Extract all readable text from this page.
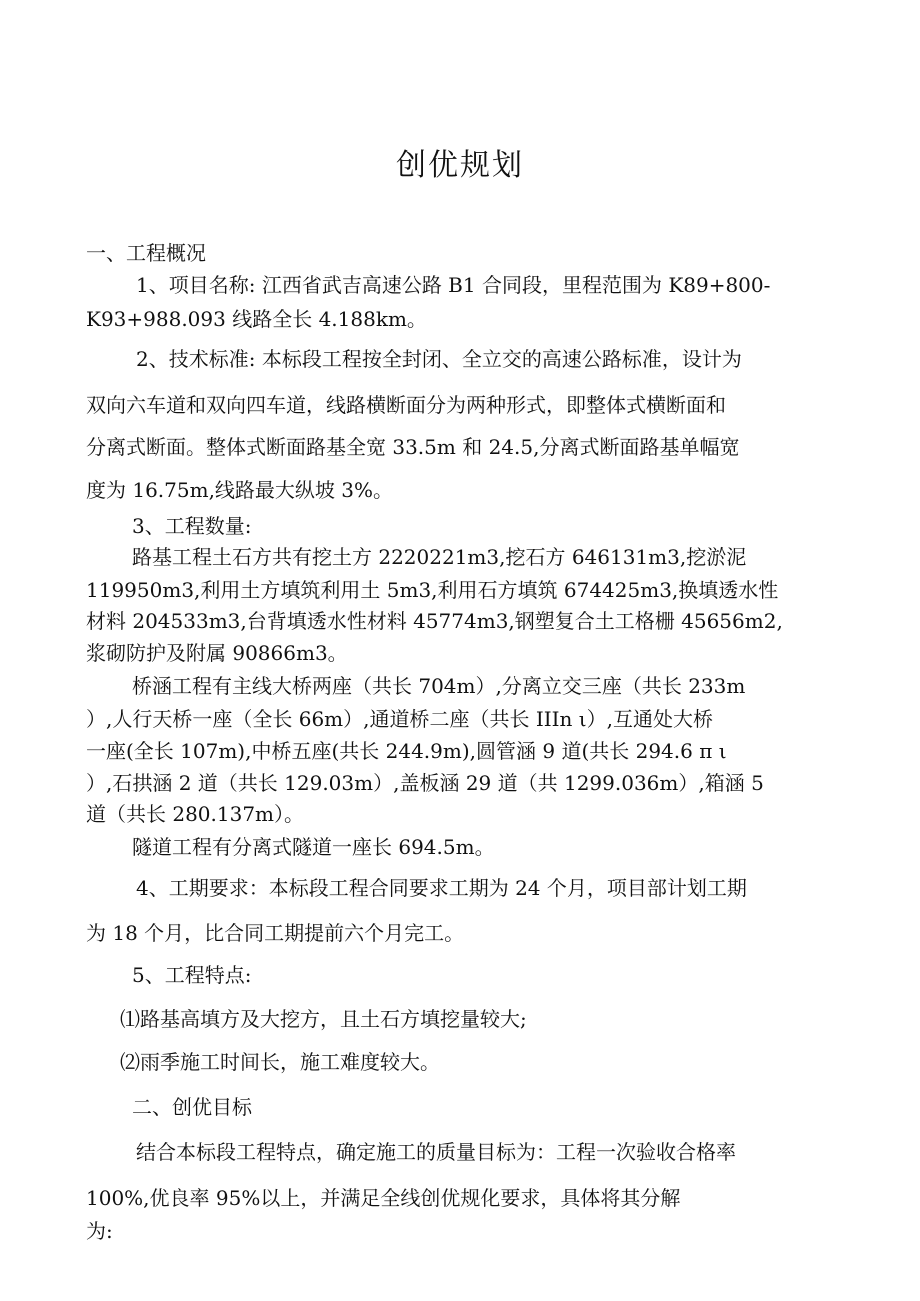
创优规划
一、工程概况
1、项目名称: 江西省武吉高速公路 B1 合同段，里程范围为 K89+800-
K93+988.093 线路全长 4.188km。
2、技术标准: 本标段工程按全封闭、全立交的高速公路标准，设计为
双向六车道和双向四车道，线路横断面分为两种形式，即整体式横断面和
分离式断面。整体式断面路基全宽 33.5m 和 24.5,分离式断面路基单幅宽
度为 16.75m,线路最大纵坡 3%。
3、工程数量:
路基工程土石方共有挖土方 2220221m3,挖石方 646131m3,挖淤泥
119950m3,利用土方填筑利用土 5m3,利用石方填筑 674425m3,换填透水性
材料 204533m3,台背填透水性材料 45774m3,钢塑复合土工格栅 45656m2,
浆砌防护及附属 90866m3。
桥涵工程有主线大桥两座（共长 704m）,分离立交三座（共长 233m
）,人行天桥一座（全长 66m）,通道桥二座（共长 IIIn ι）,互通处大桥
一座(全长 107m),中桥五座(共长 244.9m),圆管涵 9 道(共长 294.6 π ι
）,石拱涵 2 道（共长 129.03m）,盖板涵 29 道（共 1299.036m）,箱涵 5
道（共长 280.137m）。
隧道工程有分离式隧道一座长 694.5m。
4、工期要求：本标段工程合同要求工期为 24 个月，项目部计划工期
为 18 个月，比合同工期提前六个月完工。
5、工程特点:
⑴路基高填方及大挖方，且土石方填挖量较大;
⑵雨季施工时间长，施工难度较大。
二、创优目标
结合本标段工程特点，确定施工的质量目标为：工程一次验收合格率
100%,优良率 95%以上，并满足全线创优规化要求，具体将其分解
为:
